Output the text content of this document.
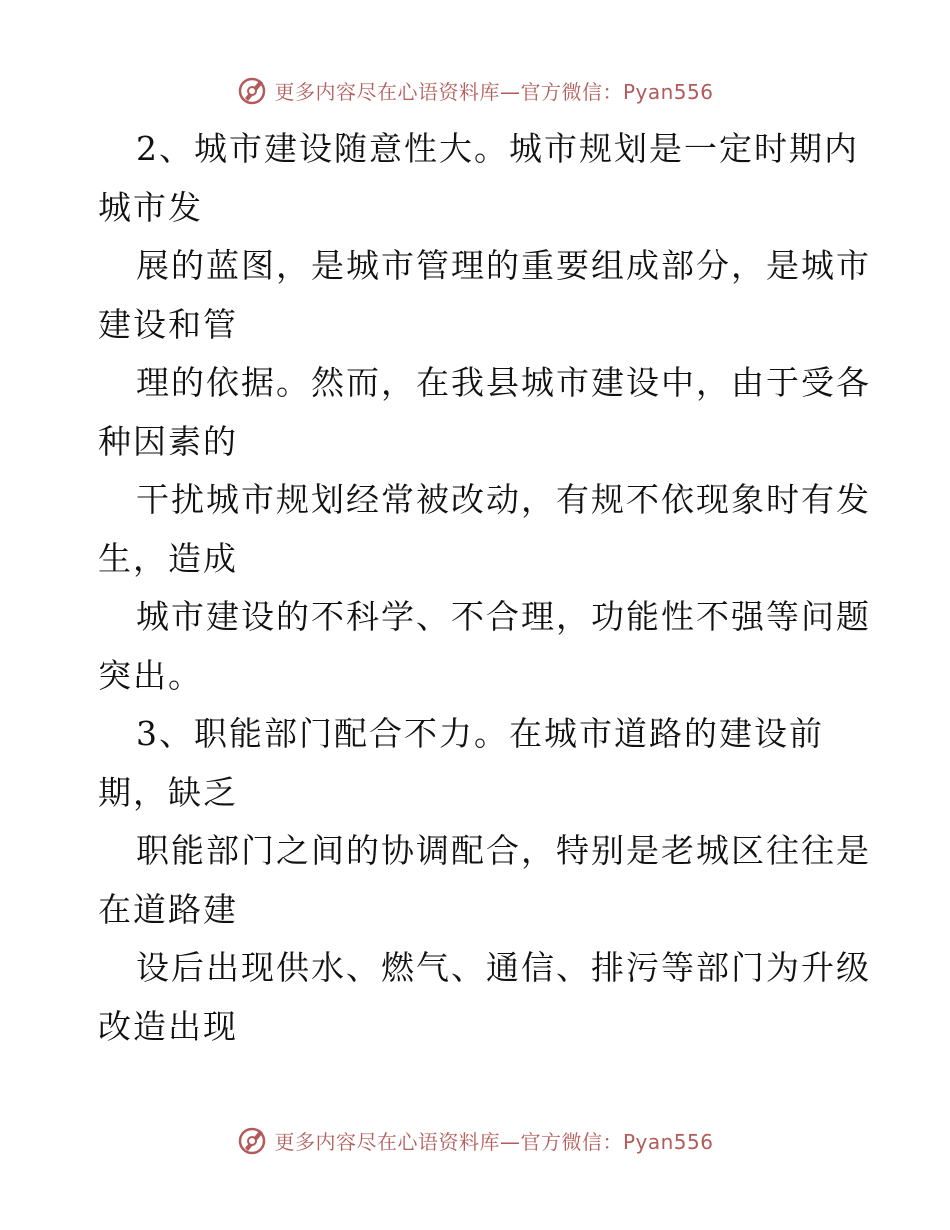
更多内容尽在心语资料库—官方微信：Pyan556
2、城市建设随意性大。城市规划是一定时期内
城市发
展的蓝图，是城市管理的重要组成部分，是城市
建设和管
理的依据。然而，在我县城市建设中，由于受各
种因素的
干扰城市规划经常被改动，有规不依现象时有发
生，造成
城市建设的不科学、不合理，功能性不强等问题
突出。
3、职能部门配合不力。在城市道路的建设前
期，缺乏
职能部门之间的协调配合，特别是老城区往往是
在道路建
设后出现供水、燃气、通信、排污等部门为升级
改造出现
更多内容尽在心语资料库—官方微信：Pyan556
